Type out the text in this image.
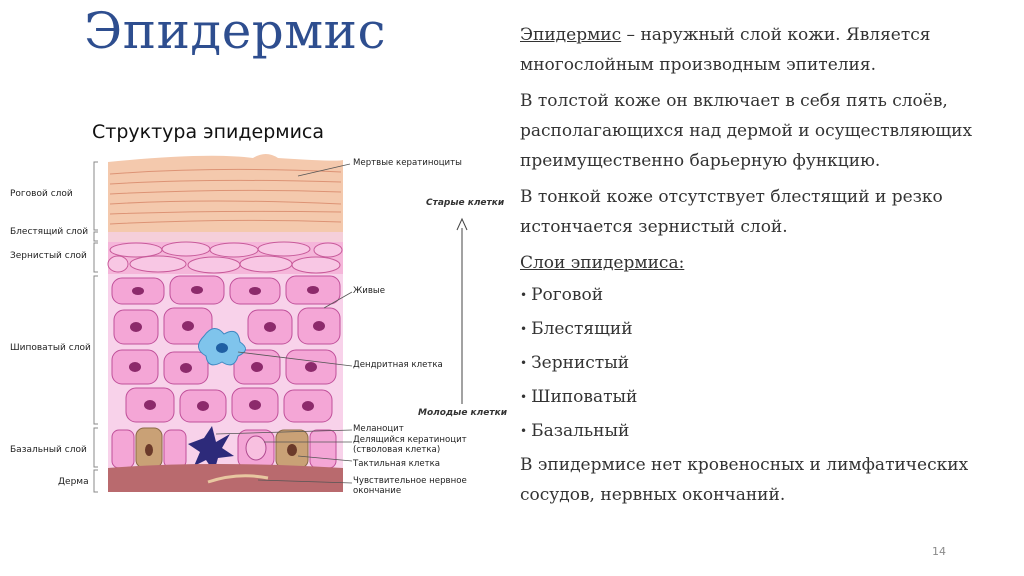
Эпидермис
Структура эпидермиса
Роговой слой
Блестящий слой
Зернистый слой
Шиповатый слой
Базальный слой
Дерма
Мертвые кератиноциты
Живые
Дендритная клетка
Меланоцит
Делящийся кератиноцит
(стволовая клетка)
Тактильная клетка
Чувствительное нервное
окончание
Старые клетки
Молодые клетки

Эпидермис – наружный слой кожи. Является многослойным производным эпителия.

В толстой коже он включает в себя пять слоёв, располагающихся над дермой и осуществляющих преимущественно барьерную функцию.

В тонкой коже отсутствует блестящий и резко истончается зернистый слой.

Слои эпидермиса:

• Роговой
• Блестящий
• Зернистый
• Шиповатый
• Базальный

В эпидермисе нет кровеносных и лимфатических сосудов, нервных окончаний.

14
